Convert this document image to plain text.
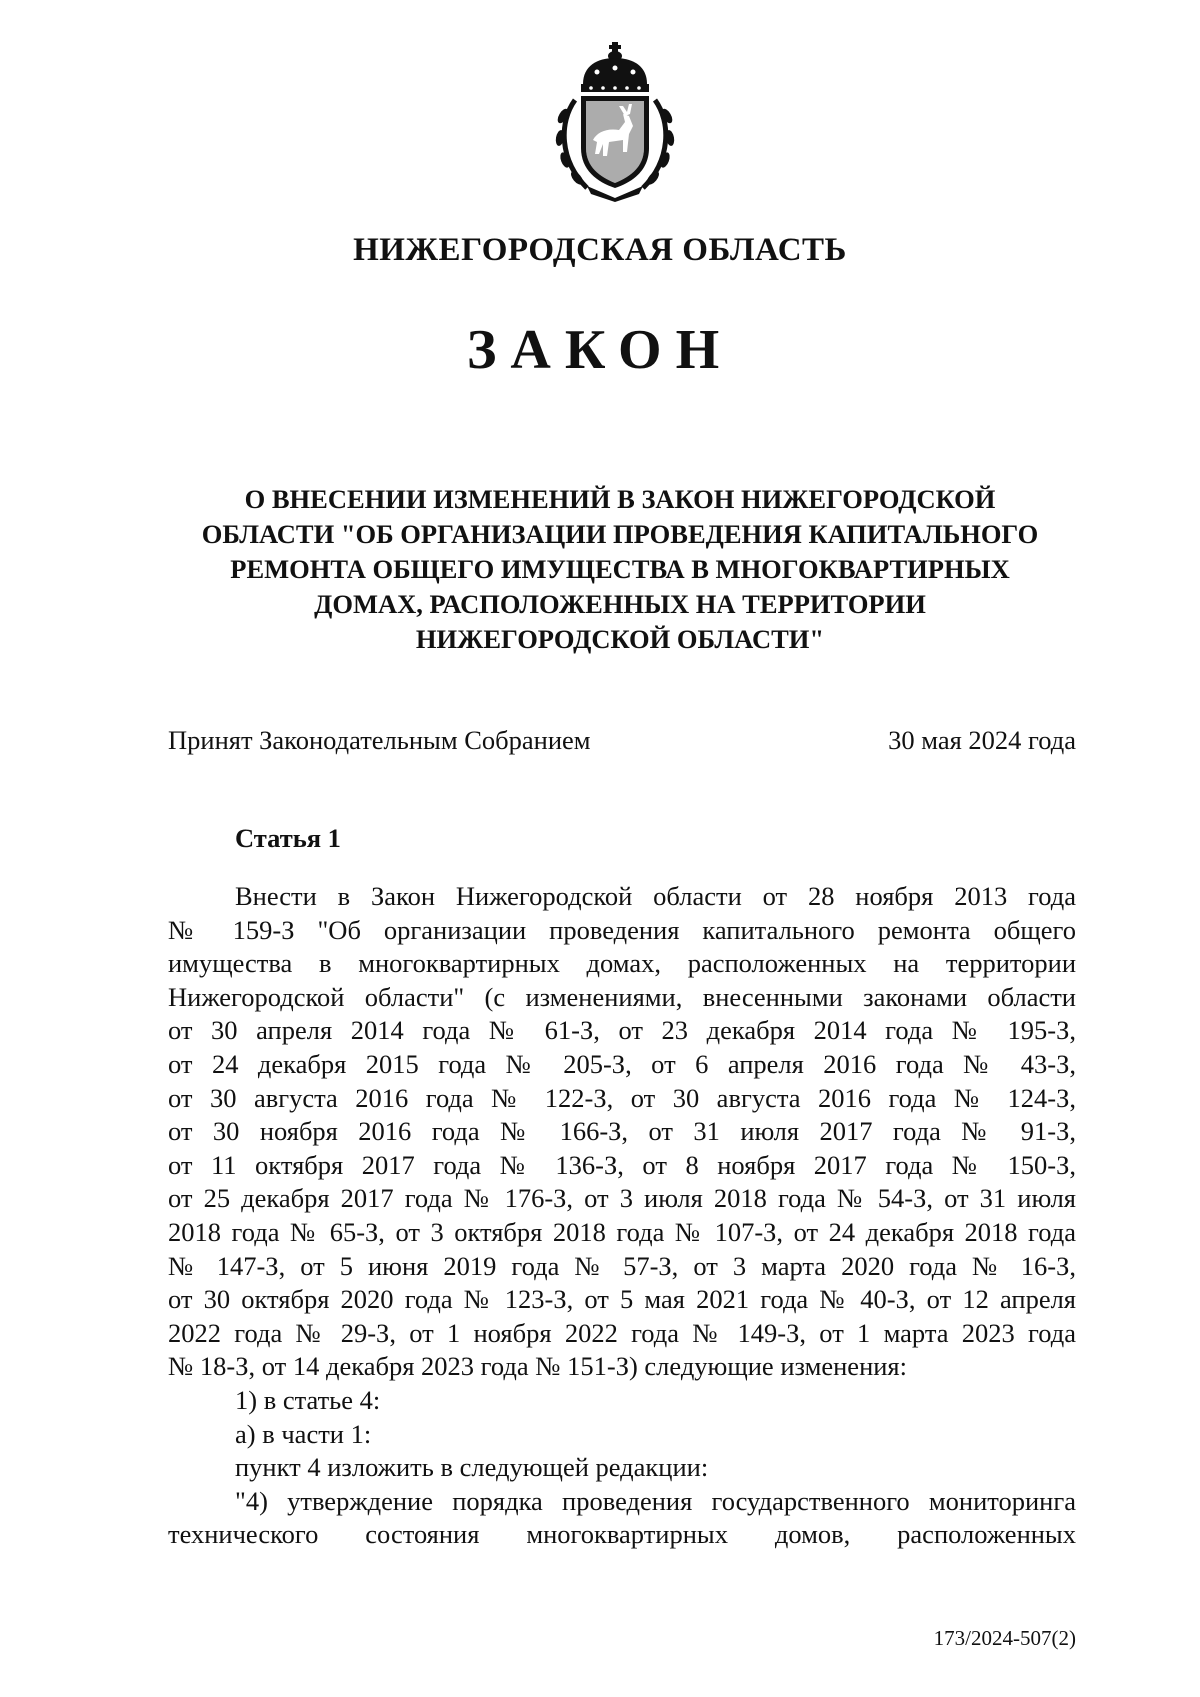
НИЖЕГОРОДСКАЯ ОБЛАСТЬ
ЗАКОН
О ВНЕСЕНИИ ИЗМЕНЕНИЙ В ЗАКОН НИЖЕГОРОДСКОЙ
ОБЛАСТИ "ОБ ОРГАНИЗАЦИИ ПРОВЕДЕНИЯ КАПИТАЛЬНОГО
РЕМОНТА ОБЩЕГО ИМУЩЕСТВА В МНОГОКВАРТИРНЫХ
ДОМАХ, РАСПОЛОЖЕННЫХ НА ТЕРРИТОРИИ
НИЖЕГОРОДСКОЙ ОБЛАСТИ"
Принят Законодательным Собранием	30 мая 2024 года
Статья 1

Внести в Закон Нижегородской области от 28 ноября 2013 года

№ 159-З "Об организации проведения капитального ремонта общего

имущества в многоквартирных домах, расположенных на территории

Нижегородской области" (с изменениями, внесенными законами области

от 30 апреля 2014 года № 61-З, от 23 декабря 2014 года № 195-З,

от 24 декабря 2015 года № 205-З, от 6 апреля 2016 года № 43-З,

от 30 августа 2016 года № 122-З, от 30 августа 2016 года № 124-З,

от 30 ноября 2016 года № 166-З, от 31 июля 2017 года № 91-З,

от 11 октября 2017 года № 136-З, от 8 ноября 2017 года № 150-З,

от 25 декабря 2017 года № 176-З, от 3 июля 2018 года № 54-З, от 31 июля

2018 года № 65-З, от 3 октября 2018 года № 107-З, от 24 декабря 2018 года

№ 147-З, от 5 июня 2019 года № 57-З, от 3 марта 2020 года № 16-З,

от 30 октября 2020 года № 123-З, от 5 мая 2021 года № 40-З, от 12 апреля

2022 года № 29-З, от 1 ноября 2022 года № 149-З, от 1 марта 2023 года

№ 18-З, от 14 декабря 2023 года № 151-З) следующие изменения:

1) в статье 4:

а) в части 1:

пункт 4 изложить в следующей редакции:

"4) утверждение порядка проведения государственного мониторинга

технического состояния многоквартирных домов, расположенных

173/2024-507(2)
